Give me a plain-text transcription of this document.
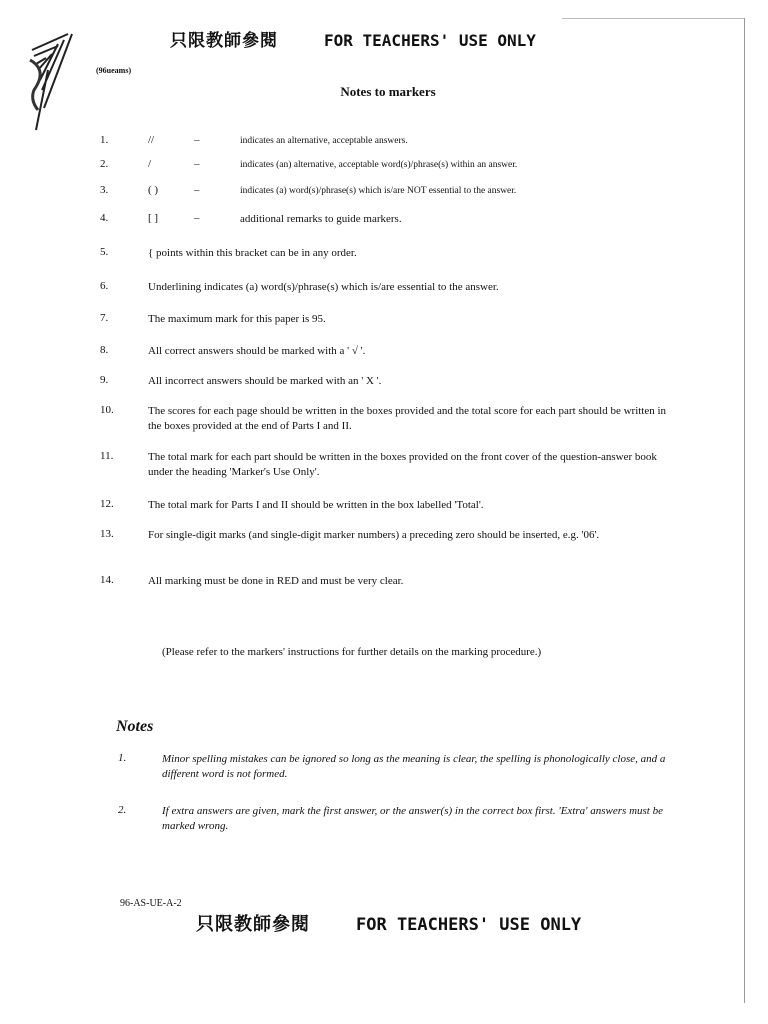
只限教師參閱	FOR TEACHERS' USE ONLY
(96ueams)
Notes to markers
1.	//	–	indicates an alternative, acceptable answers.
2.	/	–	indicates (an) alternative, acceptable word(s)/phrase(s) within an answer.
3.	( )	–	indicates (a) word(s)/phrase(s) which is/are NOT essential to the answer.
4.	[ ]	–	additional remarks to guide markers.
5.	{ points within this bracket can be in any order.
6.	Underlining indicates (a) word(s)/phrase(s) which is/are essential to the answer.
7.	The maximum mark for this paper is 95.
8.	All correct answers should be marked with a ' √ '.
9.	All incorrect answers should be marked with an ' X '.
10.	The scores for each page should be written in the boxes provided and the total score for each part should be written in the boxes provided at the end of Parts I and II.
11.	The total mark for each part should be written in the boxes provided on the front cover of the question-answer book under the heading 'Marker's Use Only'.
12.	The total mark for Parts I and II should be written in the box labelled 'Total'.
13.	For single-digit marks (and single-digit marker numbers) a preceding zero should be inserted, e.g. '06'.
14.	All marking must be done in RED and must be very clear.
(Please refer to the markers' instructions for further details on the marking procedure.)
Notes
1.	Minor spelling mistakes can be ignored so long as the meaning is clear, the spelling is phonologically close, and a different word is not formed.
2.	If extra answers are given, mark the first answer, or the answer(s) in the correct box first. 'Extra' answers must be marked wrong.
96-AS-UE-A-2
只限教師參閱	FOR TEACHERS' USE ONLY
